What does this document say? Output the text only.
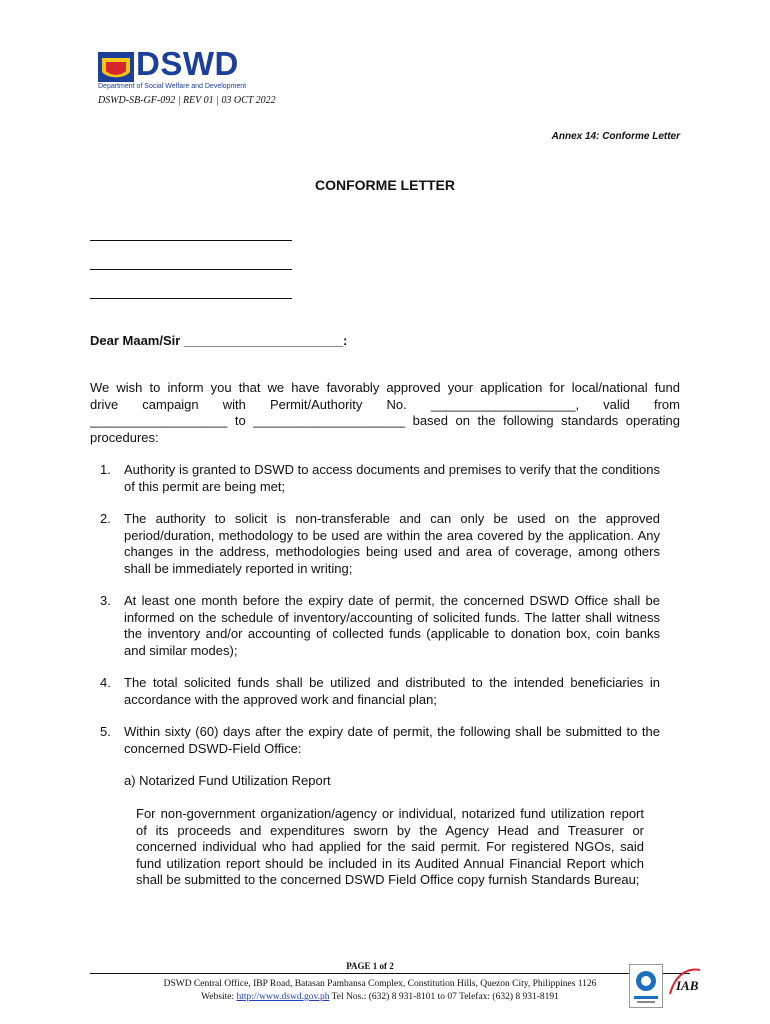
DSWD
Department of Social Welfare and Development
DSWD-SB-GF-092 | REV 01 | 03 OCT 2022
Annex 14: Conforme Letter
CONFORME LETTER
Dear Maam/Sir ______________________:
We wish to inform you that we have favorably approved your application for local/national fund
drive campaign with Permit/Authority No. ____________________, valid from
___________________ to _____________________ based on the following standards operating
procedures:
1. Authority is granted to DSWD to access documents and premises to verify that the conditions of this permit are being met;
2. The authority to solicit is non-transferable and can only be used on the approved period/duration, methodology to be used are within the area covered by the application. Any changes in the address, methodologies being used and area of coverage, among others shall be immediately reported in writing;
3. At least one month before the expiry date of permit, the concerned DSWD Office shall be informed on the schedule of inventory/accounting of solicited funds. The latter shall witness the inventory and/or accounting of collected funds (applicable to donation box, coin banks and similar modes);
4. The total solicited funds shall be utilized and distributed to the intended beneficiaries in accordance with the approved work and financial plan;
5. Within sixty (60) days after the expiry date of permit, the following shall be submitted to the concerned DSWD-Field Office:
a) Notarized Fund Utilization Report
For non-government organization/agency or individual, notarized fund utilization report of its proceeds and expenditures sworn by the Agency Head and Treasurer or concerned individual who had applied for the said permit. For registered NGOs, said fund utilization report should be included in its Audited Annual Financial Report which shall be submitted to the concerned DSWD Field Office copy furnish Standards Bureau;
PAGE 1 of 2
DSWD Central Office, IBP Road, Batasan Pambansa Complex, Constitution Hills, Quezon City, Philippines 1126
Website: http://www.dswd.gov.ph Tel Nos.: (632) 8 931-8101 to 07 Telefax: (632) 8 931-8191
IAB
